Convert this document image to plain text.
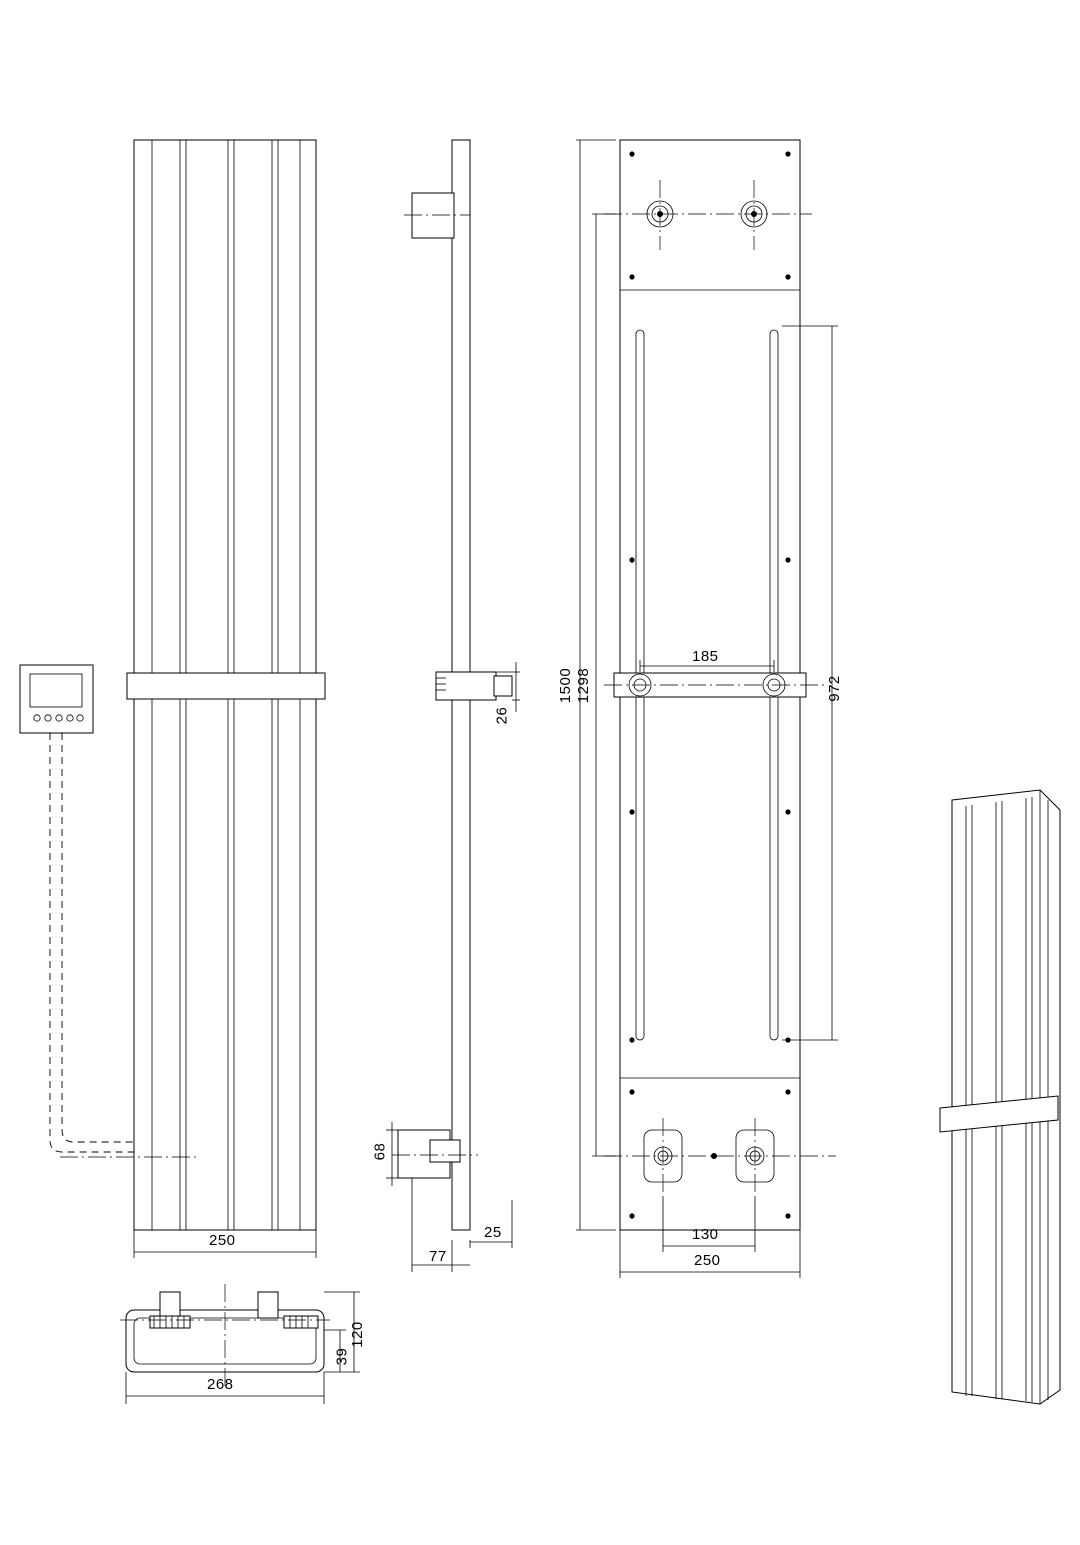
250
77
25
26
68
1500 1298	972
185
130
250
268
120
39
